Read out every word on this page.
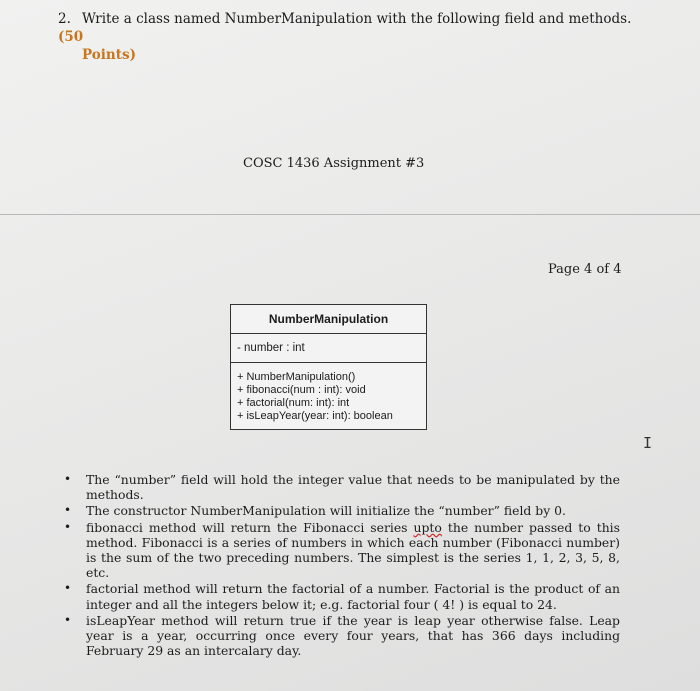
2. Write a class named NumberManipulation with the following field and methods. (50
Points)
COSC 1436 Assignment #3
Page 4 of 4
NumberManipulation
- number : int
+ NumberManipulation()
+ fibonacci(num : int): void
+ factorial(num: int): int
+ isLeapYear(year: int): boolean
I
• The “number” field will hold the integer value that needs to be manipulated by the methods.
• The constructor NumberManipulation will initialize the “number” field by 0.
• fibonacci method will return the Fibonacci series upto the number passed to this method. Fibonacci is a series of numbers in which each number (Fibonacci number) is the sum of the two preceding numbers. The simplest is the series 1, 1, 2, 3, 5, 8, etc.
• factorial method will return the factorial of a number. Factorial is the product of an integer and all the integers below it; e.g. factorial four ( 4! ) is equal to 24.
• isLeapYear method will return true if the year is leap year otherwise false. Leap year is a year, occurring once every four years, that has 366 days including February 29 as an intercalary day.
